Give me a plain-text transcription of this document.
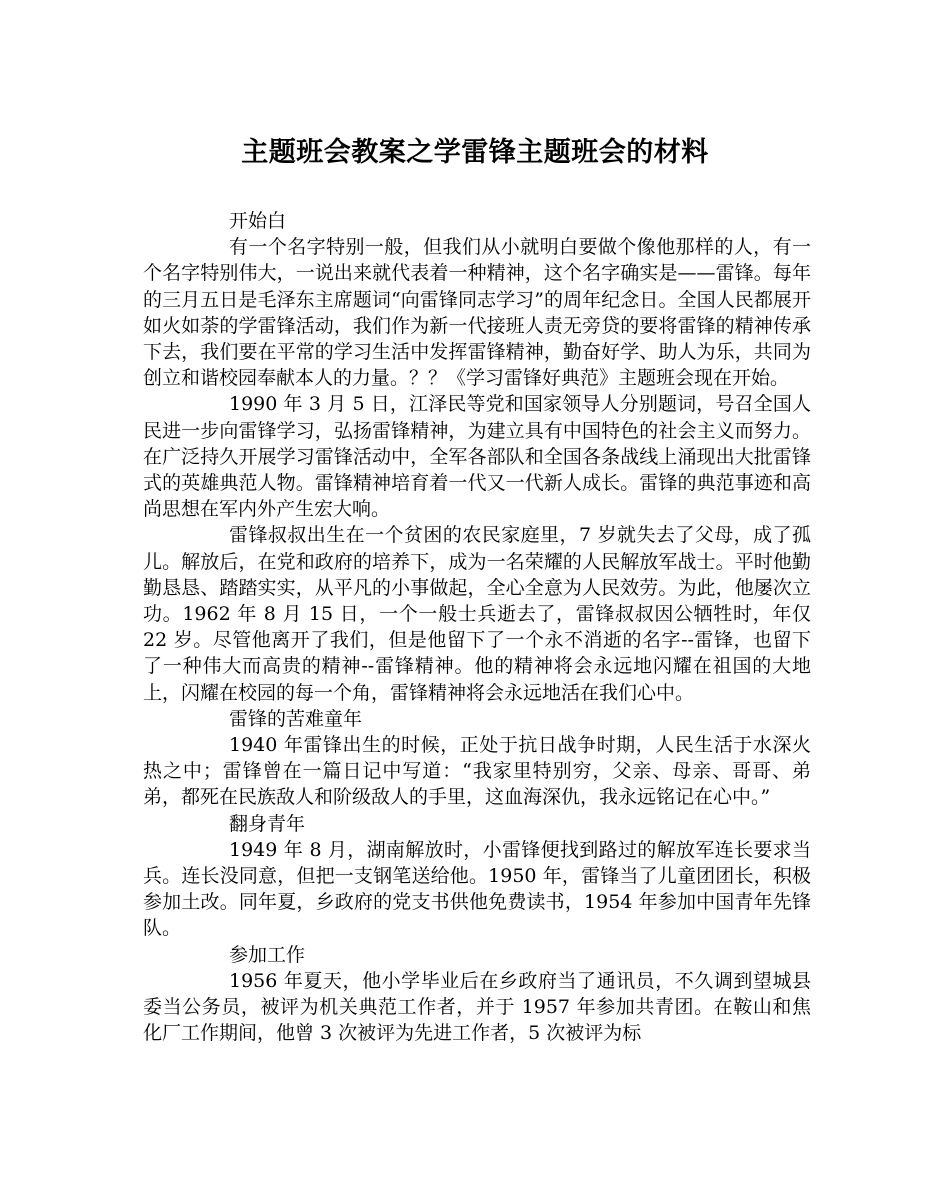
主题班会教案之学雷锋主题班会的材料

开始白

有一个名字特别一般，但我们从小就明白要做个像他那样的人，有一个名字特别伟大，一说出来就代表着一种精神，这个名字确实是——雷锋。每年的三月五日是毛泽东主席题词“向雷锋同志学习”的周年纪念日。全国人民都展开如火如荼的学雷锋活动，我们作为新一代接班人责无旁贷的要将雷锋的精神传承下去，我们要在平常的学习生活中发挥雷锋精神，勤奋好学、助人为乐，共同为创立和谐校园奉献本人的力量。？？《学习雷锋好典范》主题班会现在开始。

1990 年 3 月 5 日，江泽民等党和国家领导人分别题词，号召全国人民进一步向雷锋学习，弘扬雷锋精神，为建立具有中国特色的社会主义而努力。在广泛持久开展学习雷锋活动中，全军各部队和全国各条战线上涌现出大批雷锋式的英雄典范人物。雷锋精神培育着一代又一代新人成长。雷锋的典范事迹和高尚思想在军内外产生宏大响。

雷锋叔叔出生在一个贫困的农民家庭里，7 岁就失去了父母，成了孤儿。解放后，在党和政府的培养下，成为一名荣耀的人民解放军战士。平时他勤勤恳恳、踏踏实实，从平凡的小事做起，全心全意为人民效劳。为此，他屡次立功。1962 年 8 月 15 日，一个一般士兵逝去了，雷锋叔叔因公牺牲时，年仅 22 岁。尽管他离开了我们，但是他留下了一个永不消逝的名字--雷锋，也留下了一种伟大而高贵的精神--雷锋精神。他的精神将会永远地闪耀在祖国的大地上，闪耀在校园的每一个角，雷锋精神将会永远地活在我们心中。

雷锋的苦难童年

1940 年雷锋出生的时候，正处于抗日战争时期，人民生活于水深火热之中；雷锋曾在一篇日记中写道：“我家里特别穷，父亲、母亲、哥哥、弟弟，都死在民族敌人和阶级敌人的手里，这血海深仇，我永远铭记在心中。”

翻身青年

1949 年 8 月，湖南解放时，小雷锋便找到路过的解放军连长要求当兵。连长没同意，但把一支钢笔送给他。1950 年，雷锋当了儿童团团长，积极参加土改。同年夏，乡政府的党支书供他免费读书，1954 年参加中国青年先锋队。

参加工作

1956 年夏天，他小学毕业后在乡政府当了通讯员，不久调到望城县委当公务员，被评为机关典范工作者，并于 1957 年参加共青团。在鞍山和焦化厂工作期间，他曾 3 次被评为先进工作者，5 次被评为标
